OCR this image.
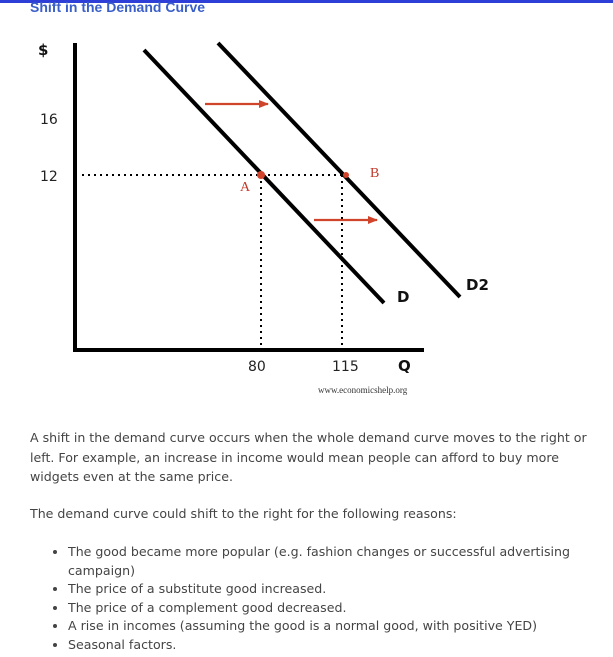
Shift in the Demand Curve
$
16
12
80	115	Q
D
D2
A
B
www.economicshelp.org

A shift in the demand curve occurs when the whole demand curve moves to the right or left. For example, an increase in income would mean people can afford to buy more widgets even at the same price.

The demand curve could shift to the right for the following reasons:

• The good became more popular (e.g. fashion changes or successful advertising campaign)
• The price of a substitute good increased.
• The price of a complement good decreased.
• A rise in incomes (assuming the good is a normal good, with positive YED)
• Seasonal factors.
